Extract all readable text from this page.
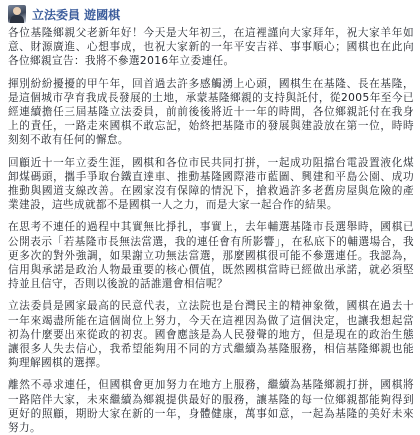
立法委員 遊國棋

各位基隆鄉親父老新年好！今天是大年初三，在這裡謹向大家拜年，祝大家羊年如意、財源廣進、心想事成，也祝大家新的一年平安吉祥、事事順心；國棋也在此向各位鄉親宣告：我將不參選2016年立委連任。

揮別紛紛擾擾的甲午年，回首過去許多感觸湧上心頭，國棋生在基隆、長在基隆，是這個城市孕育我成長發展的土地，承蒙基隆鄉親的支持與託付，從2005年至今已經連續擔任三屆基隆立法委員，前前後後將近十一年的時間，各位鄉親託付在我身上的責任，一路走來國棋不敢忘記，始終把基隆市的發展與建設放在第一位，時時刻刻不敢有任何的懈怠。

回顧近十一年立委生涯，國棋和各位市民共同打拼，一起成功阻擋台電設置液化煤卸煤碼頭，攜手爭取台鐵直達車、推動基隆國際港市藍圖、興建和平島公園、成功推動與國道支線改善。在國家沒有保障的情況下，搶救過許多老舊房屋與危險的產業建設，這些成就都不是國棋一人之力，而是大家一起合作的結果。

在思考不連任的過程中其實無比掙扎，事實上，去年輔選基隆市長選舉時，國棋已公開表示「若基隆市長無法當選，我的連任會有所影響」，在私底下的輔選場合，我更多次的對外強調，如果謝立功無法當選，那麼國棋很可能不參選連任。我認為，信用與承諾是政治人物最重要的核心價值，既然國棋當時已經做出承諾，就必須堅持並且信守，否則以後說的話誰還會相信呢？

立法委員是國家最高的民意代表，立法院也是台灣民主的精神象徵，國棋在過去十一年來竭盡所能在這個崗位上努力，今天在這裡因為做了這個決定，也讓我想起當初為什麼要出來從政的初衷。國會應該是為人民發聲的地方，但是現在的政治生態讓很多人失去信心，我希望能夠用不同的方式繼續為基隆服務，相信基隆鄉親也能夠理解國棋的選擇。

離然不尋求連任，但國棋會更加努力在地方上服務，繼續為基隆鄉親打拼，國棋將一路陪伴大家，未來繼續為鄉親提供最好的服務，讓基隆的每一位鄉親都能夠得到更好的照顧，期盼大家在新的一年，身體健康，萬事如意，一起為基隆的美好未來努力。
